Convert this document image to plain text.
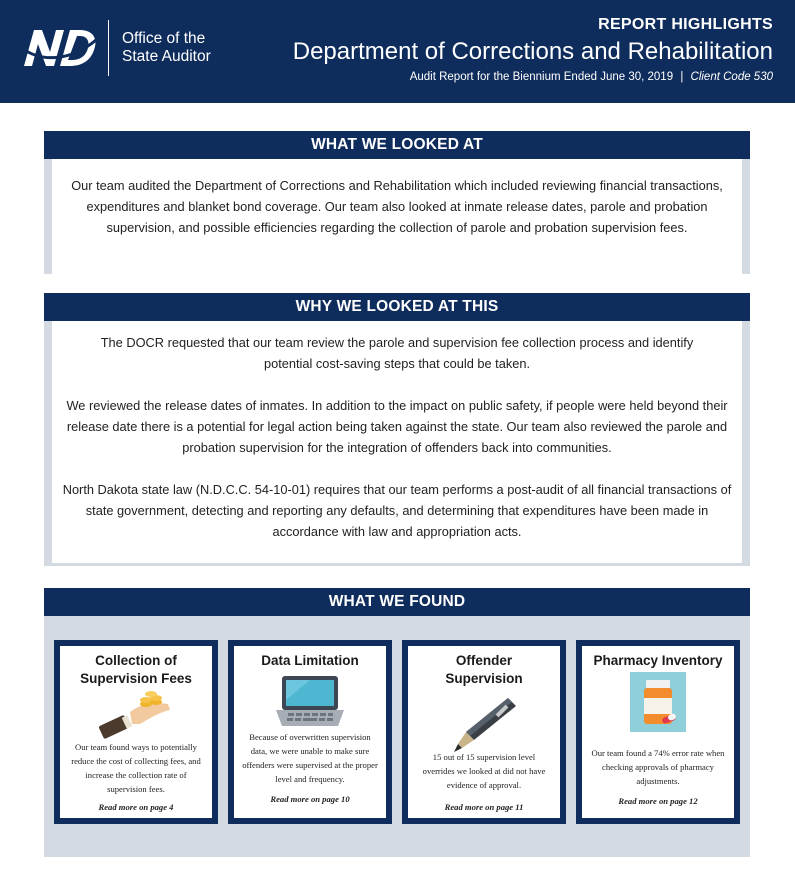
Office of the
State Auditor
REPORT HIGHLIGHTS
Department of Corrections and Rehabilitation
Audit Report for the Biennium Ended June 30, 2019 | Client Code 530
WHAT WE LOOKED AT

Our team audited the Department of Corrections and Rehabilitation which included reviewing financial transactions, expenditures and blanket bond coverage. Our team also looked at inmate release dates, parole and probation supervision, and possible efficiencies regarding the collection of parole and probation supervision fees.

WHY WE LOOKED AT THIS

The DOCR requested that our team review the parole and supervision fee collection process and identify potential cost-saving steps that could be taken.

We reviewed the release dates of inmates. In addition to the impact on public safety, if people were held beyond their release date there is a potential for legal action being taken against the state. Our team also reviewed the parole and probation supervision for the integration of offenders back into communities.

North Dakota state law (N.D.C.C. 54-10-01) requires that our team performs a post-audit of all financial transactions of state government, detecting and reporting any defaults, and determining that expenditures have been made in accordance with law and appropriation acts.

WHAT WE FOUND
Collection of Supervision Fees
Our team found ways to potentially reduce the cost of collecting fees, and increase the collection rate of supervision fees.
Read more on page 4
Data Limitation
Because of overwritten supervision data, we were unable to make sure offenders were supervised at the proper level and frequency.
Read more on page 10
Offender Supervision
15 out of 15 supervision level overrides we looked at did not have evidence of approval.
Read more on page 11
Pharmacy Inventory
Our team found a 74% error rate when checking approvals of pharmacy adjustments.
Read more on page 12
